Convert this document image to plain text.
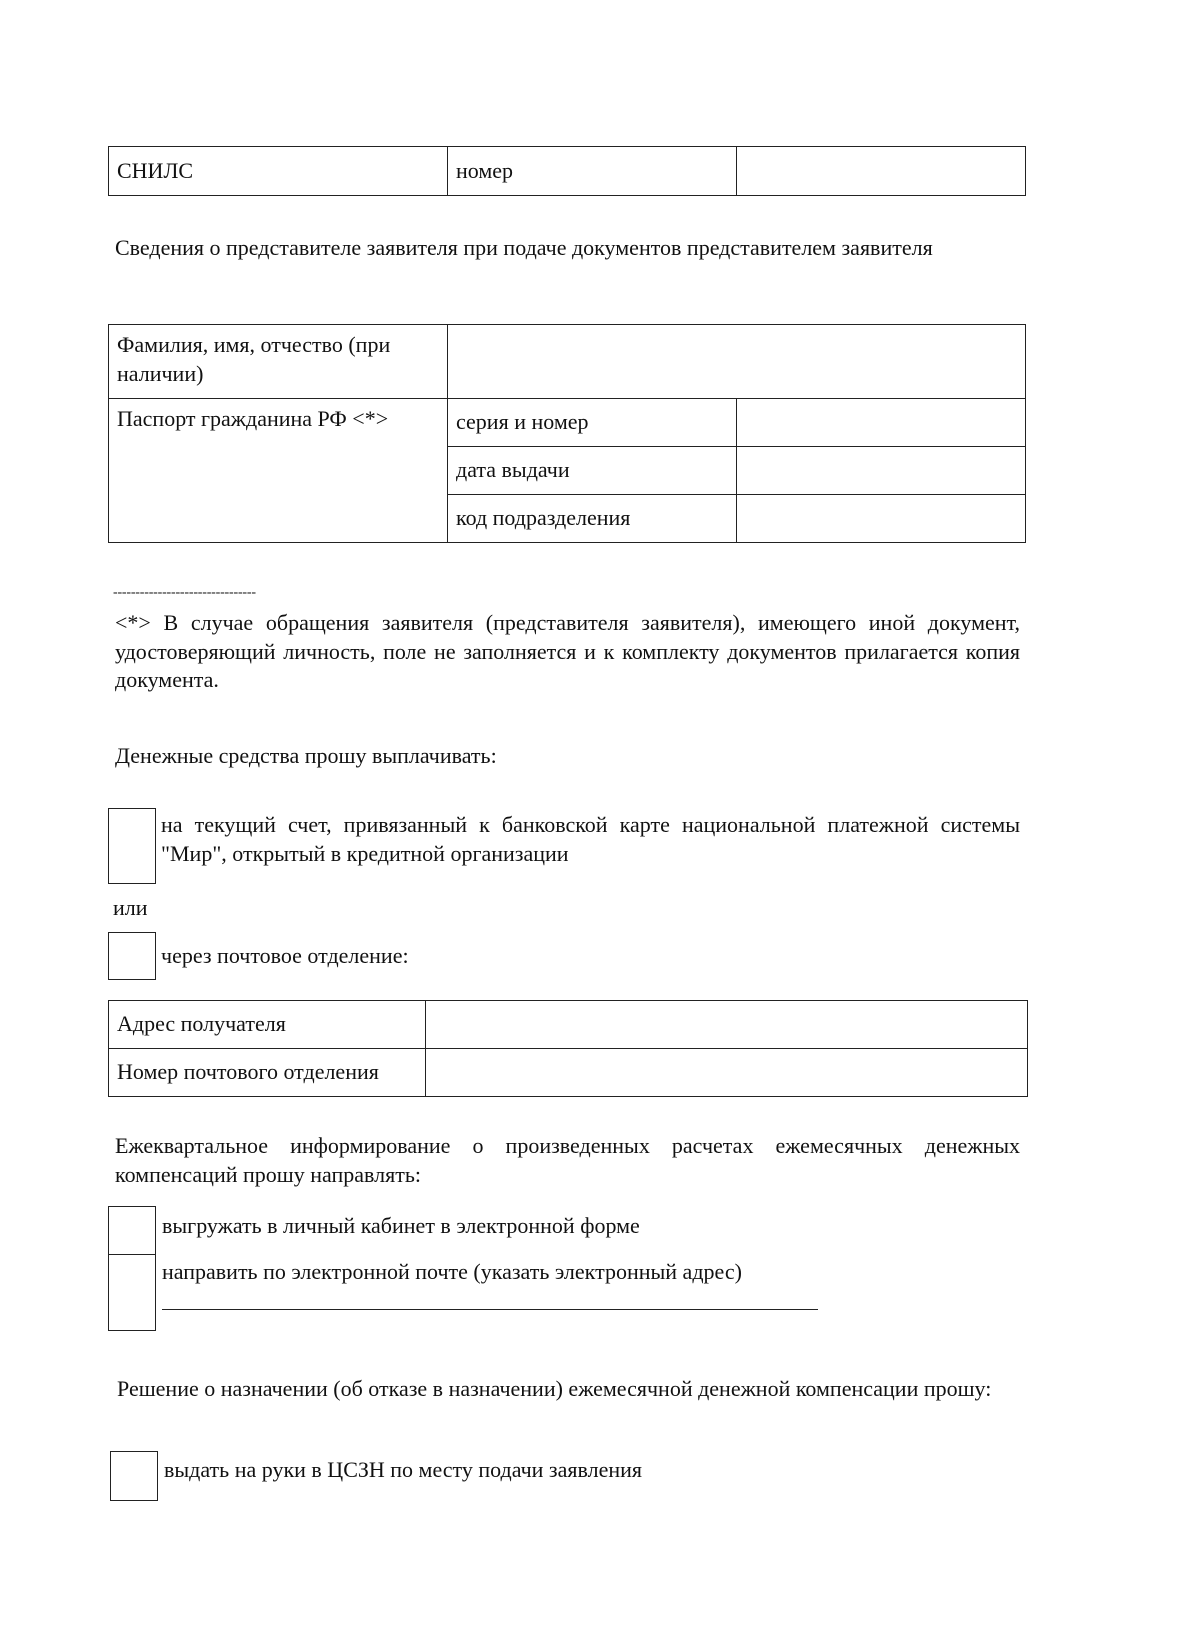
СНИЛС	номер	
Сведения о представителе заявителя при подаче документов представителем заявителя
Фамилия, имя, отчество (при наличии)		
Паспорт гражданина РФ <*>	серия и номер	
	дата выдачи	
	код подразделения	
--------------------------------
<*> В случае обращения заявителя (представителя заявителя), имеющего иной документ, удостоверяющий личность, поле не заполняется и к комплекту документов прилагается копия документа.
Денежные средства прошу выплачивать:
на текущий счет, привязанный к банковской карте национальной платежной системы "Мир", открытый в кредитной организации
или
через почтовое отделение:
Адрес получателя	
Номер почтового отделения	
Ежеквартальное информирование о произведенных расчетах ежемесячных денежных компенсаций прошу направлять:
выгружать в личный кабинет в электронной форме
направить по электронной почте (указать электронный адрес)
Решение о назначении (об отказе в назначении) ежемесячной денежной компенсации прошу:
выдать на руки в ЦСЗН по месту подачи заявления
